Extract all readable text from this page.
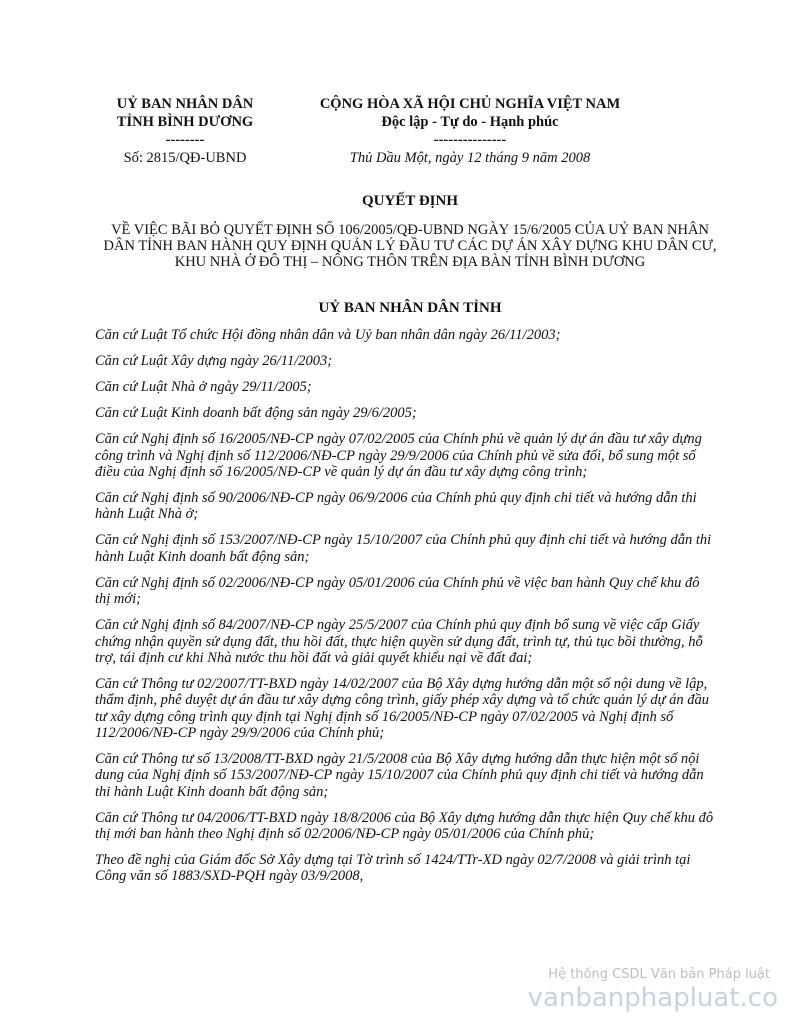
UỶ BAN NHÂN DÂN
TỈNH BÌNH DƯƠNG
--------
Số: 2815/QĐ-UBND
CỘNG HÒA XÃ HỘI CHỦ NGHĨA VIỆT NAM
Độc lập - Tự do - Hạnh phúc
---------------
Thủ Dầu Một, ngày 12 tháng 9 năm 2008
QUYẾT ĐỊNH
VỀ VIỆC BÃI BỎ QUYẾT ĐỊNH SỐ 106/2005/QĐ-UBND NGÀY 15/6/2005 CỦA UỶ BAN NHÂN DÂN TỈNH BAN HÀNH QUY ĐỊNH QUẢN LÝ ĐẦU TƯ CÁC DỰ ÁN XÂY DỰNG KHU DÂN CƯ, KHU NHÀ Ở ĐÔ THỊ – NÔNG THÔN TRÊN ĐỊA BÀN TỈNH BÌNH DƯƠNG
UỶ BAN NHÂN DÂN TỈNH

Căn cứ Luật Tổ chức Hội đồng nhân dân và Uỷ ban nhân dân ngày 26/11/2003;

Căn cứ Luật Xây dựng ngày 26/11/2003;

Căn cứ Luật Nhà ở ngày 29/11/2005;

Căn cứ Luật Kinh doanh bất động sản ngày 29/6/2005;

Căn cứ Nghị định số 16/2005/NĐ-CP ngày 07/02/2005 của Chính phủ về quản lý dự án đầu tư xây dựng công trình và Nghị định số 112/2006/NĐ-CP ngày 29/9/2006 của Chính phủ về sửa đổi, bổ sung một số điều của Nghị định số 16/2005/NĐ-CP về quản lý dự án đầu tư xây dựng công trình;

Căn cứ Nghị định số 90/2006/NĐ-CP ngày 06/9/2006 của Chính phủ quy định chi tiết và hướng dẫn thi hành Luật Nhà ở;

Căn cứ Nghị định số 153/2007/NĐ-CP ngày 15/10/2007 của Chính phủ quy định chi tiết và hướng dẫn thi hành Luật Kinh doanh bất động sản;

Căn cứ Nghị định số 02/2006/NĐ-CP ngày 05/01/2006 của Chính phủ về việc ban hành Quy chế khu đô thị mới;

Căn cứ Nghị định số 84/2007/NĐ-CP ngày 25/5/2007 của Chính phủ quy định bổ sung về việc cấp Giấy chứng nhận quyền sử dụng đất, thu hồi đất, thực hiện quyền sử dụng đất, trình tự, thủ tục bồi thường, hỗ trợ, tái định cư khi Nhà nước thu hồi đất và giải quyết khiếu nại về đất đai;

Căn cứ Thông tư 02/2007/TT-BXD ngày 14/02/2007 của Bộ Xây dựng hướng dẫn một số nội dung về lập, thẩm định, phê duyệt dự án đầu tư xây dựng công trình, giấy phép xây dựng và tổ chức quản lý dự án đầu tư xây dựng công trình quy định tại Nghị định số 16/2005/NĐ-CP ngày 07/02/2005 và Nghị định số 112/2006/NĐ-CP ngày 29/9/2006 của Chính phủ;

Căn cứ Thông tư số 13/2008/TT-BXD ngày 21/5/2008 của Bộ Xây dựng hướng dẫn thực hiện một số nội dung của Nghị định số 153/2007/NĐ-CP ngày 15/10/2007 của Chính phủ quy định chi tiết và hướng dẫn thi hành Luật Kinh doanh bất động sản;

Căn cứ Thông tư 04/2006/TT-BXD ngày 18/8/2006 của Bộ Xây dựng hướng dẫn thực hiện Quy chế khu đô thị mới ban hành theo Nghị định số 02/2006/NĐ-CP ngày 05/01/2006 của Chính phủ;

Theo đề nghị của Giám đốc Sở Xây dựng tại Tờ trình số 1424/TTr-XD ngày 02/7/2008 và giải trình tại Công văn số 1883/SXD-PQH ngày 03/9/2008,

Hệ thống CSDL Văn bản Pháp luật
vanbanphapluat.co
